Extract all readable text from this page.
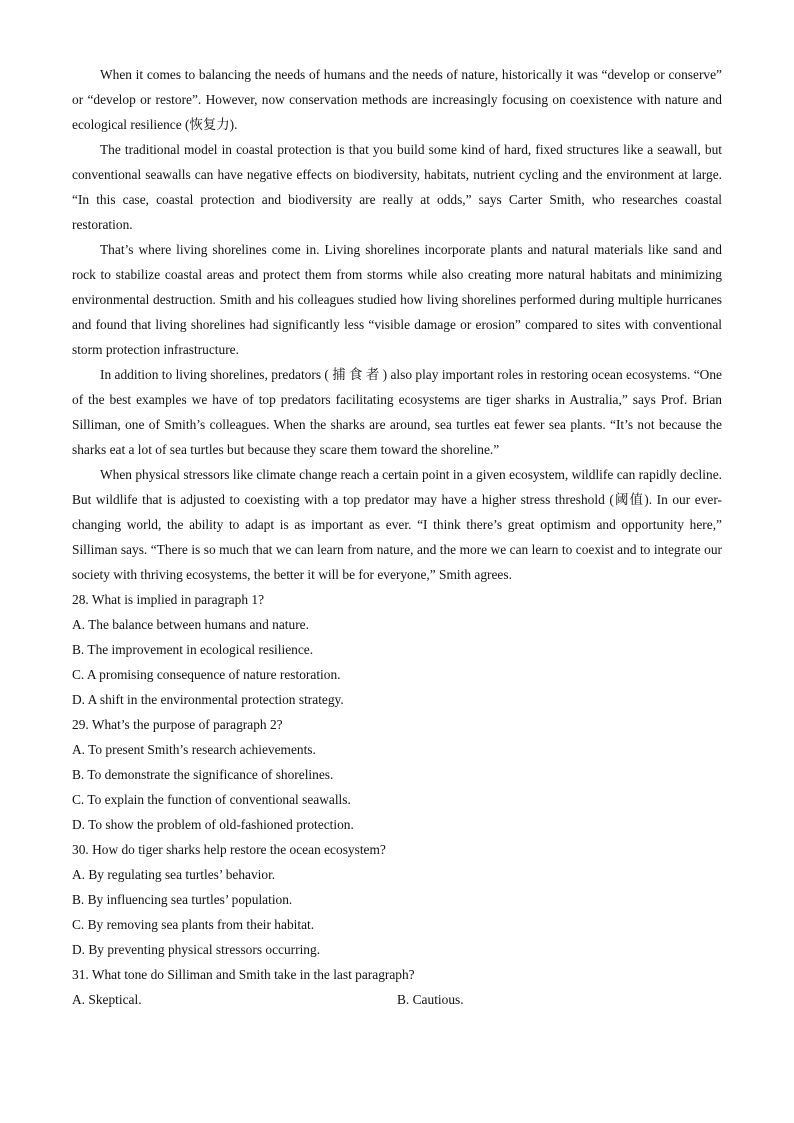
When it comes to balancing the needs of humans and the needs of nature, historically it was “develop or conserve” or “develop or restore”. However, now conservation methods are increasingly focusing on coexistence with nature and ecological resilience (恢复力).

The traditional model in coastal protection is that you build some kind of hard, fixed structures like a seawall, but conventional seawalls can have negative effects on biodiversity, habitats, nutrient cycling and the environment at large. “In this case, coastal protection and biodiversity are really at odds,” says Carter Smith, who researches coastal restoration.

That’s where living shorelines come in. Living shorelines incorporate plants and natural materials like sand and rock to stabilize coastal areas and protect them from storms while also creating more natural habitats and minimizing environmental destruction. Smith and his colleagues studied how living shorelines performed during multiple hurricanes and found that living shorelines had significantly less “visible damage or erosion” compared to sites with conventional storm protection infrastructure.

In addition to living shorelines, predators ( 捕 食 者 ) also play important roles in restoring ocean ecosystems. “One of the best examples we have of top predators facilitating ecosystems are tiger sharks in Australia,” says Prof. Brian Silliman, one of Smith’s colleagues. When the sharks are around, sea turtles eat fewer sea plants. “It’s not because the sharks eat a lot of sea turtles but because they scare them toward the shoreline.”

When physical stressors like climate change reach a certain point in a given ecosystem, wildlife can rapidly decline. But wildlife that is adjusted to coexisting with a top predator may have a higher stress threshold (阈值). In our ever-changing world, the ability to adapt is as important as ever. “I think there’s great optimism and opportunity here,” Silliman says. “There is so much that we can learn from nature, and the more we can learn to coexist and to integrate our society with thriving ecosystems, the better it will be for everyone,” Smith agrees.

28. What is implied in paragraph 1?

A. The balance between humans and nature.

B. The improvement in ecological resilience.

C. A promising consequence of nature restoration.

D. A shift in the environmental protection strategy.

29. What’s the purpose of paragraph 2?

A. To present Smith’s research achievements.

B. To demonstrate the significance of shorelines.

C. To explain the function of conventional seawalls.

D. To show the problem of old-fashioned protection.

30. How do tiger sharks help restore the ocean ecosystem?

A. By regulating sea turtles’ behavior.

B. By influencing sea turtles’ population.

C. By removing sea plants from their habitat.

D. By preventing physical stressors occurring.

31. What tone do Silliman and Smith take in the last paragraph?

A. Skeptical.	B. Cautious.
